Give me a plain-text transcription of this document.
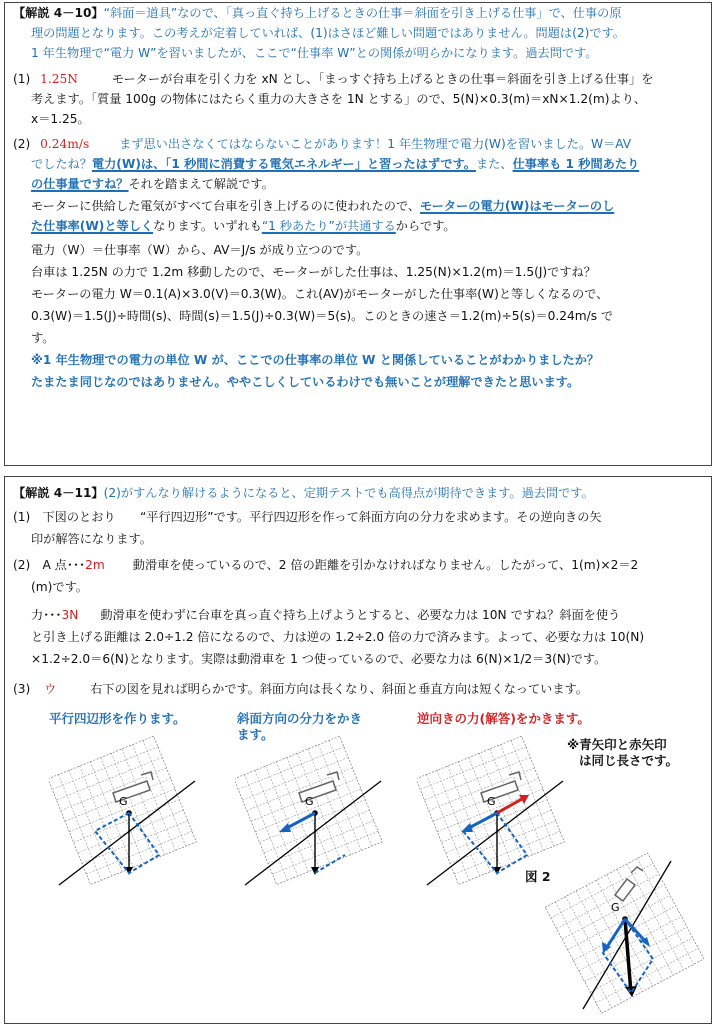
【解説 4－10】“斜面＝道具”なので、「真っ直ぐ持ち上げるときの仕事＝斜面を引き上げる仕事」で、仕事の原
理の問題となります。この考えが定着していれば、(1)はさほど難しい問題ではありません。問題は(2)です。
1 年生物理で“電力 W”を習いましたが、ここで“仕事率 W”との関係が明らかになります。過去問です。
(1) 1.25N	モーターが台車を引く力を xN とし、「まっすぐ持ち上げるときの仕事＝斜面を引き上げる仕事」を
考えます。「質量 100g の物体にはたらく重力の大きさを 1N とする」ので、5(N)×0.3(m)＝xN×1.2(m)より、
x＝1.25。
(2) 0.24m/s まず思い出さなくてはならないことがあります！1 年生物理で電力(W)を習いました。W＝AV
でしたね？電力(W)は、「1 秒間に消費する電気エネルギー」と習ったはずです。また、仕事率も 1 秒間あたり
の仕事量ですね？それを踏まえて解説です。
モーターに供給した電気がすべて台車を引き上げるのに使われたので、モーターの電力(W)はモーターのし
た仕事率(W)と等しくなります。いずれも“1 秒あたり”が共通するからです。
電力（W）＝仕事率（W）から、AV＝J/s が成り立つのです。
台車は 1.25N の力で 1.2m 移動したので、モーターがした仕事は、1.25(N)×1.2(m)＝1.5(J)ですね？
モーターの電力 W＝0.1(A)×3.0(V)＝0.3(W)。これ(AV)がモーターがした仕事率(W)と等しくなるので、
0.3(W)＝1.5(J)÷時間(s)、時間(s)＝1.5(J)÷0.3(W)＝5(s)。このときの速さ＝1.2(m)÷5(s)＝0.24m/s で
す。
※1 年生物理での電力の単位 W が、ここでの仕事率の単位 W と関係していることがわかりましたか？
たまたま同じなのではありません。ややこしくしているわけでも無いことが理解できたと思います。
【解説 4－11】(2)がすんなり解けるようになると、定期テストでも高得点が期待できます。過去問です。
(1)　下図のとおり　　“平行四辺形”です。平行四辺形を作って斜面方向の分力を求めます。その逆向きの矢
印が解答になります。
(2)　A 点･･･2m 動滑車を使っているので、2 倍の距離を引かなければなりません。したがって、1(m)×2＝2
(m)です。
力･･･3N 動滑車を使わずに台車を真っ直ぐ持ち上げようとすると、必要な力は 10N ですね？斜面を使う
と引き上げる距離は 2.0÷1.2 倍になるので、力は逆の 1.2÷2.0 倍の力で済みます。よって、必要な力は 10(N)
×1.2÷2.0＝6(N)となります。実際は動滑車を 1 つ使っているので、必要な力は 6(N)×1/2＝3(N)です。
(3) ウ	右下の図を見れば明らかです。斜面方向は長くなり、斜面と垂直方向は短くなっています。
平行四辺形を作ります。	斜面方向の分力をかき
ます。
逆向きの力(解答)をかきます。
※青矢印と赤矢印
は同じ長さです。
図 2
G	G	G
G
